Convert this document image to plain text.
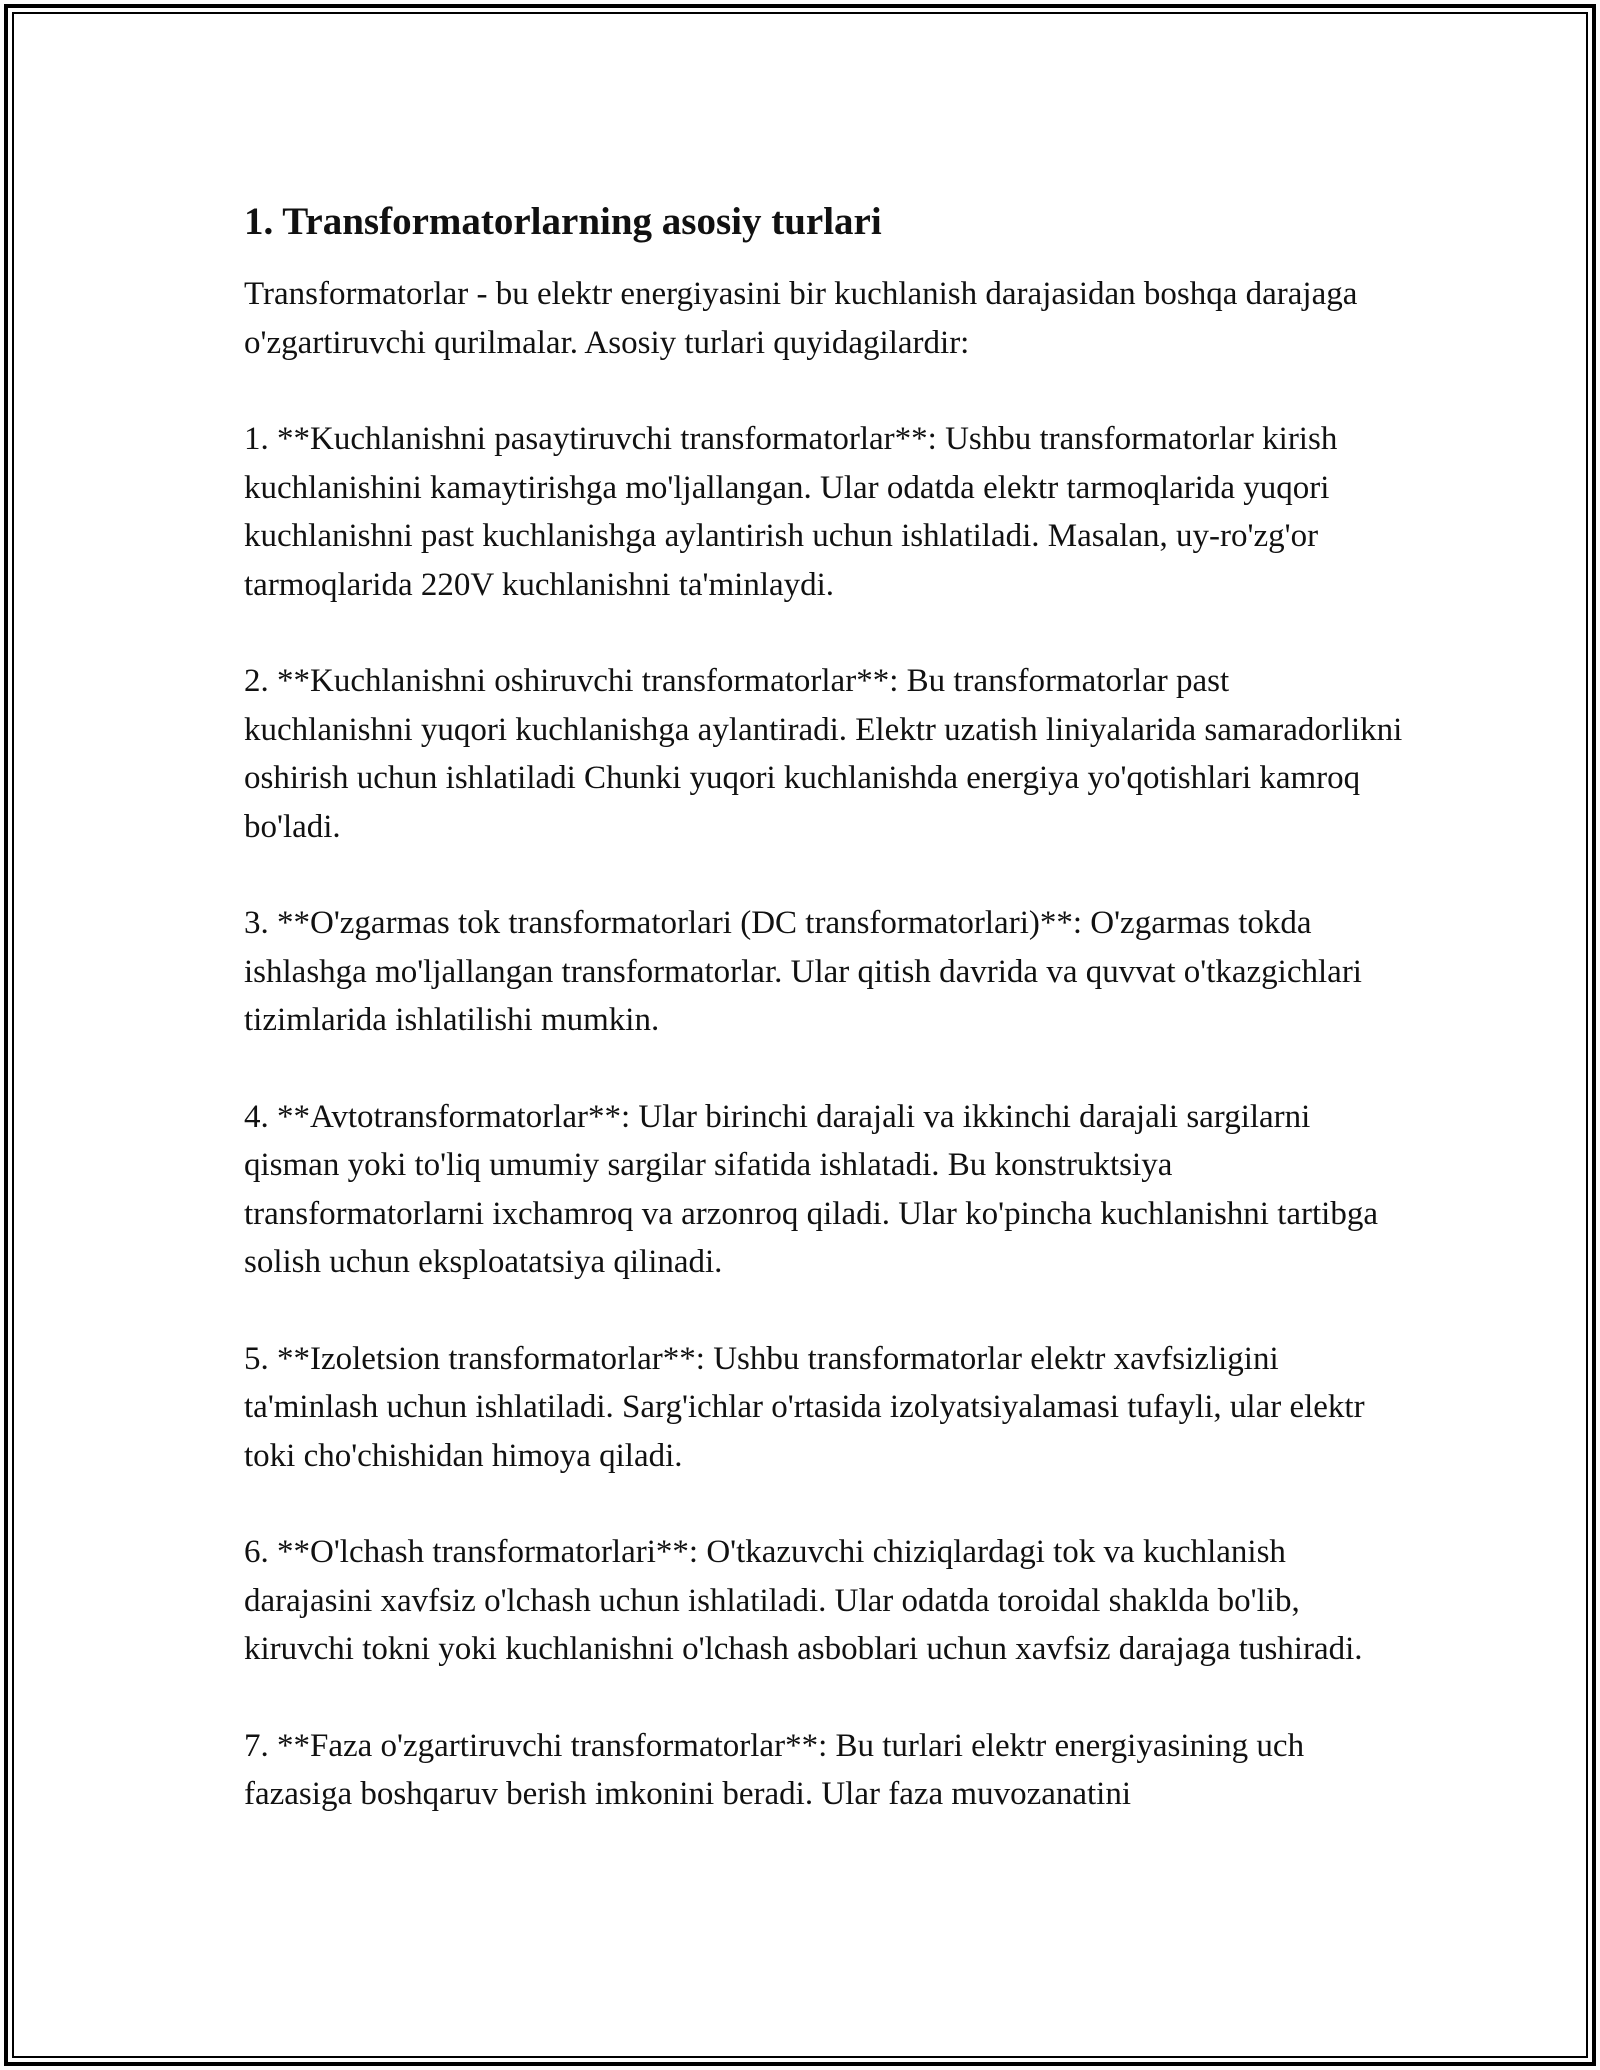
1. Transformatorlarning asosiy turlari

Transformatorlar - bu elektr energiyasini bir kuchlanish darajasidan boshqa darajaga o'zgartiruvchi qurilmalar. Asosiy turlari quyidagilardir:

1. **Kuchlanishni pasaytiruvchi transformatorlar**: Ushbu transformatorlar kirish kuchlanishini kamaytirishga mo'ljallangan. Ular odatda elektr tarmoqlarida yuqori kuchlanishni past kuchlanishga aylantirish uchun ishlatiladi. Masalan, uy-ro'zg'or tarmoqlarida 220V kuchlanishni ta'minlaydi.

2. **Kuchlanishni oshiruvchi transformatorlar**: Bu transformatorlar past kuchlanishni yuqori kuchlanishga aylantiradi. Elektr uzatish liniyalarida samaradorlikni oshirish uchun ishlatiladi Chunki yuqori kuchlanishda energiya yo'qotishlari kamroq bo'ladi.

3. **O'zgarmas tok transformatorlari (DC transformatorlari)**: O'zgarmas tokda ishlashga mo'ljallangan transformatorlar. Ular qitish davrida va quvvat o'tkazgichlari tizimlarida ishlatilishi mumkin.

4. **Avtotransformatorlar**: Ular birinchi darajali va ikkinchi darajali sargilarni qisman yoki to'liq umumiy sargilar sifatida ishlatadi. Bu konstruktsiya transformatorlarni ixchamroq va arzonroq qiladi. Ular ko'pincha kuchlanishni tartibga solish uchun eksploatatsiya qilinadi.

5. **Izoletsion transformatorlar**: Ushbu transformatorlar elektr xavfsizligini ta'minlash uchun ishlatiladi. Sarg'ichlar o'rtasida izolyatsiyalamasi tufayli, ular elektr toki cho'chishidan himoya qiladi.

6. **O'lchash transformatorlari**: O'tkazuvchi chiziqlardagi tok va kuchlanish darajasini xavfsiz o'lchash uchun ishlatiladi. Ular odatda toroidal shaklda bo'lib, kiruvchi tokni yoki kuchlanishni o'lchash asboblari uchun xavfsiz darajaga tushiradi.

7. **Faza o'zgartiruvchi transformatorlar**: Bu turlari elektr energiyasining uch fazasiga boshqaruv berish imkonini beradi. Ular faza muvozanatini
